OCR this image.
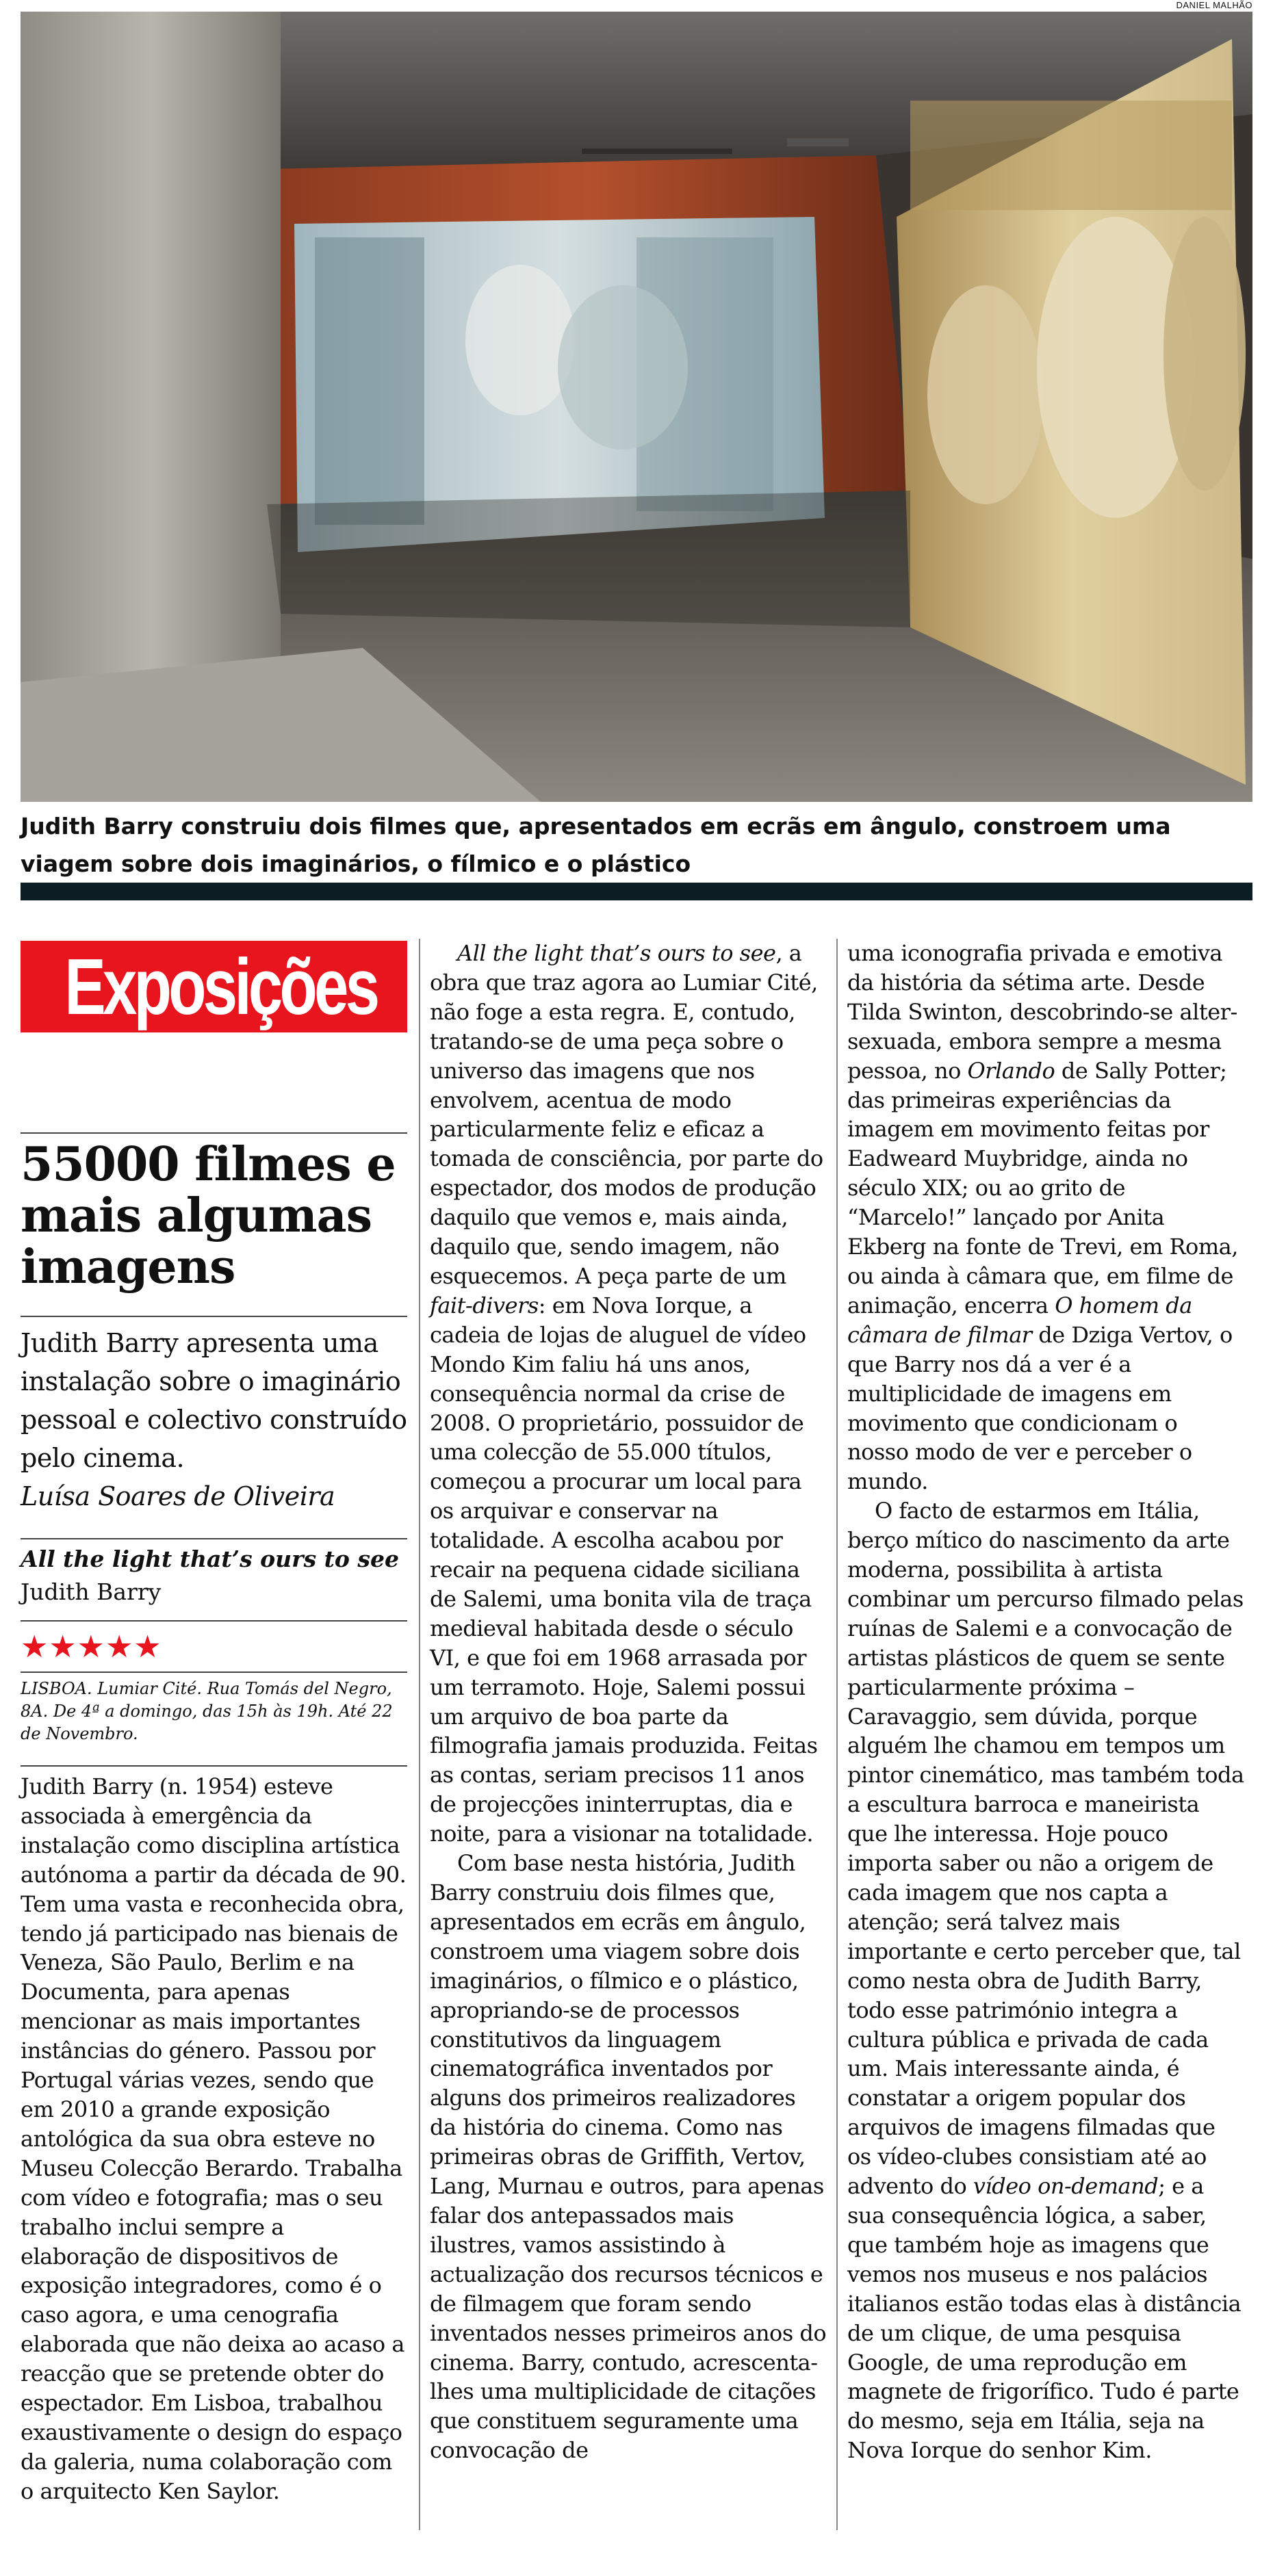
DANIEL MALHÃO
Judith Barry construiu dois filmes que, apresentados em ecrãs em ângulo, constroem uma viagem sobre dois imaginários, o fílmico e o plástico
Exposições
55000 filmes e mais algumas imagens
Judith Barry apresenta uma instalação sobre o imaginário pessoal e colectivo construído pelo cinema.
Luísa Soares de Oliveira
All the light that’s ours to see
Judith Barry
★★★★★
LISBOA. Lumiar Cité. Rua Tomás del Negro, 8A. De 4ª a domingo, das 15h às 19h. Até 22 de Novembro.

Judith Barry (n. 1954) esteve associada à emergência da instalação como disciplina artística autónoma a partir da década de 90. Tem uma vasta e reconhecida obra, tendo já participado nas bienais de Veneza, São Paulo, Berlim e na Documenta, para apenas mencionar as mais importantes instâncias do género. Passou por Portugal várias vezes, sendo que em 2010 a grande exposição antológica da sua obra esteve no Museu Colecção Berardo. Trabalha com vídeo e fotografia; mas o seu trabalho inclui sempre a elaboração de dispositivos de exposição integradores, como é o caso agora, e uma cenografia elaborada que não deixa ao acaso a reacção que se pretende obter do espectador. Em Lisboa, trabalhou exaustivamente o design do espaço da galeria, numa colaboração com o arquitecto Ken Saylor.

All the light that’s ours to see, a obra que traz agora ao Lumiar Cité, não foge a esta regra. E, contudo, tratando-se de uma peça sobre o universo das imagens que nos envolvem, acentua de modo particularmente feliz e eficaz a tomada de consciência, por parte do espectador, dos modos de produção daquilo que vemos e, mais ainda, daquilo que, sendo imagem, não esquecemos. A peça parte de um fait-divers: em Nova Iorque, a cadeia de lojas de aluguel de vídeo Mondo Kim faliu há uns anos, consequência normal da crise de 2008. O proprietário, possuidor de uma colecção de 55.000 títulos, começou a procurar um local para os arquivar e conservar na totalidade. A escolha acabou por recair na pequena cidade siciliana de Salemi, uma bonita vila de traça medieval habitada desde o século VI, e que foi em 1968 arrasada por um terramoto. Hoje, Salemi possui um arquivo de boa parte da filmografia jamais produzida. Feitas as contas, seriam precisos 11 anos de projecções ininterruptas, dia e noite, para a visionar na totalidade.

Com base nesta história, Judith Barry construiu dois filmes que, apresentados em ecrãs em ângulo, constroem uma viagem sobre dois imaginários, o fílmico e o plástico, apropriando-se de processos constitutivos da linguagem cinematográfica inventados por alguns dos primeiros realizadores da história do cinema. Como nas primeiras obras de Griffith, Vertov, Lang, Murnau e outros, para apenas falar dos antepassados mais ilustres, vamos assistindo à actualização dos recursos técnicos e de filmagem que foram sendo inventados nesses primeiros anos do cinema. Barry, contudo, acrescenta-lhes uma multiplicidade de citações que constituem seguramente uma convocação de

uma iconografia privada e emotiva da história da sétima arte. Desde Tilda Swinton, descobrindo-se alter-sexuada, embora sempre a mesma pessoa, no Orlando de Sally Potter; das primeiras experiências da imagem em movimento feitas por Eadweard Muybridge, ainda no século XIX; ou ao grito de “Marcelo!” lançado por Anita Ekberg na fonte de Trevi, em Roma, ou ainda à câmara que, em filme de animação, encerra O homem da câmara de filmar de Dziga Vertov, o que Barry nos dá a ver é a multiplicidade de imagens em movimento que condicionam o nosso modo de ver e perceber o mundo.

O facto de estarmos em Itália, berço mítico do nascimento da arte moderna, possibilita à artista combinar um percurso filmado pelas ruínas de Salemi e a convocação de artistas plásticos de quem se sente particularmente próxima – Caravaggio, sem dúvida, porque alguém lhe chamou em tempos um pintor cinemático, mas também toda a escultura barroca e maneirista que lhe interessa. Hoje pouco importa saber ou não a origem de cada imagem que nos capta a atenção; será talvez mais importante e certo perceber que, tal como nesta obra de Judith Barry, todo esse património integra a cultura pública e privada de cada um. Mais interessante ainda, é constatar a origem popular dos arquivos de imagens filmadas que os vídeo-clubes consistiam até ao advento do vídeo on-demand; e a sua consequência lógica, a saber, que também hoje as imagens que vemos nos museus e nos palácios italianos estão todas elas à distância de um clique, de uma pesquisa Google, de uma reprodução em magnete de frigorífico. Tudo é parte do mesmo, seja em Itália, seja na Nova Iorque do senhor Kim.
